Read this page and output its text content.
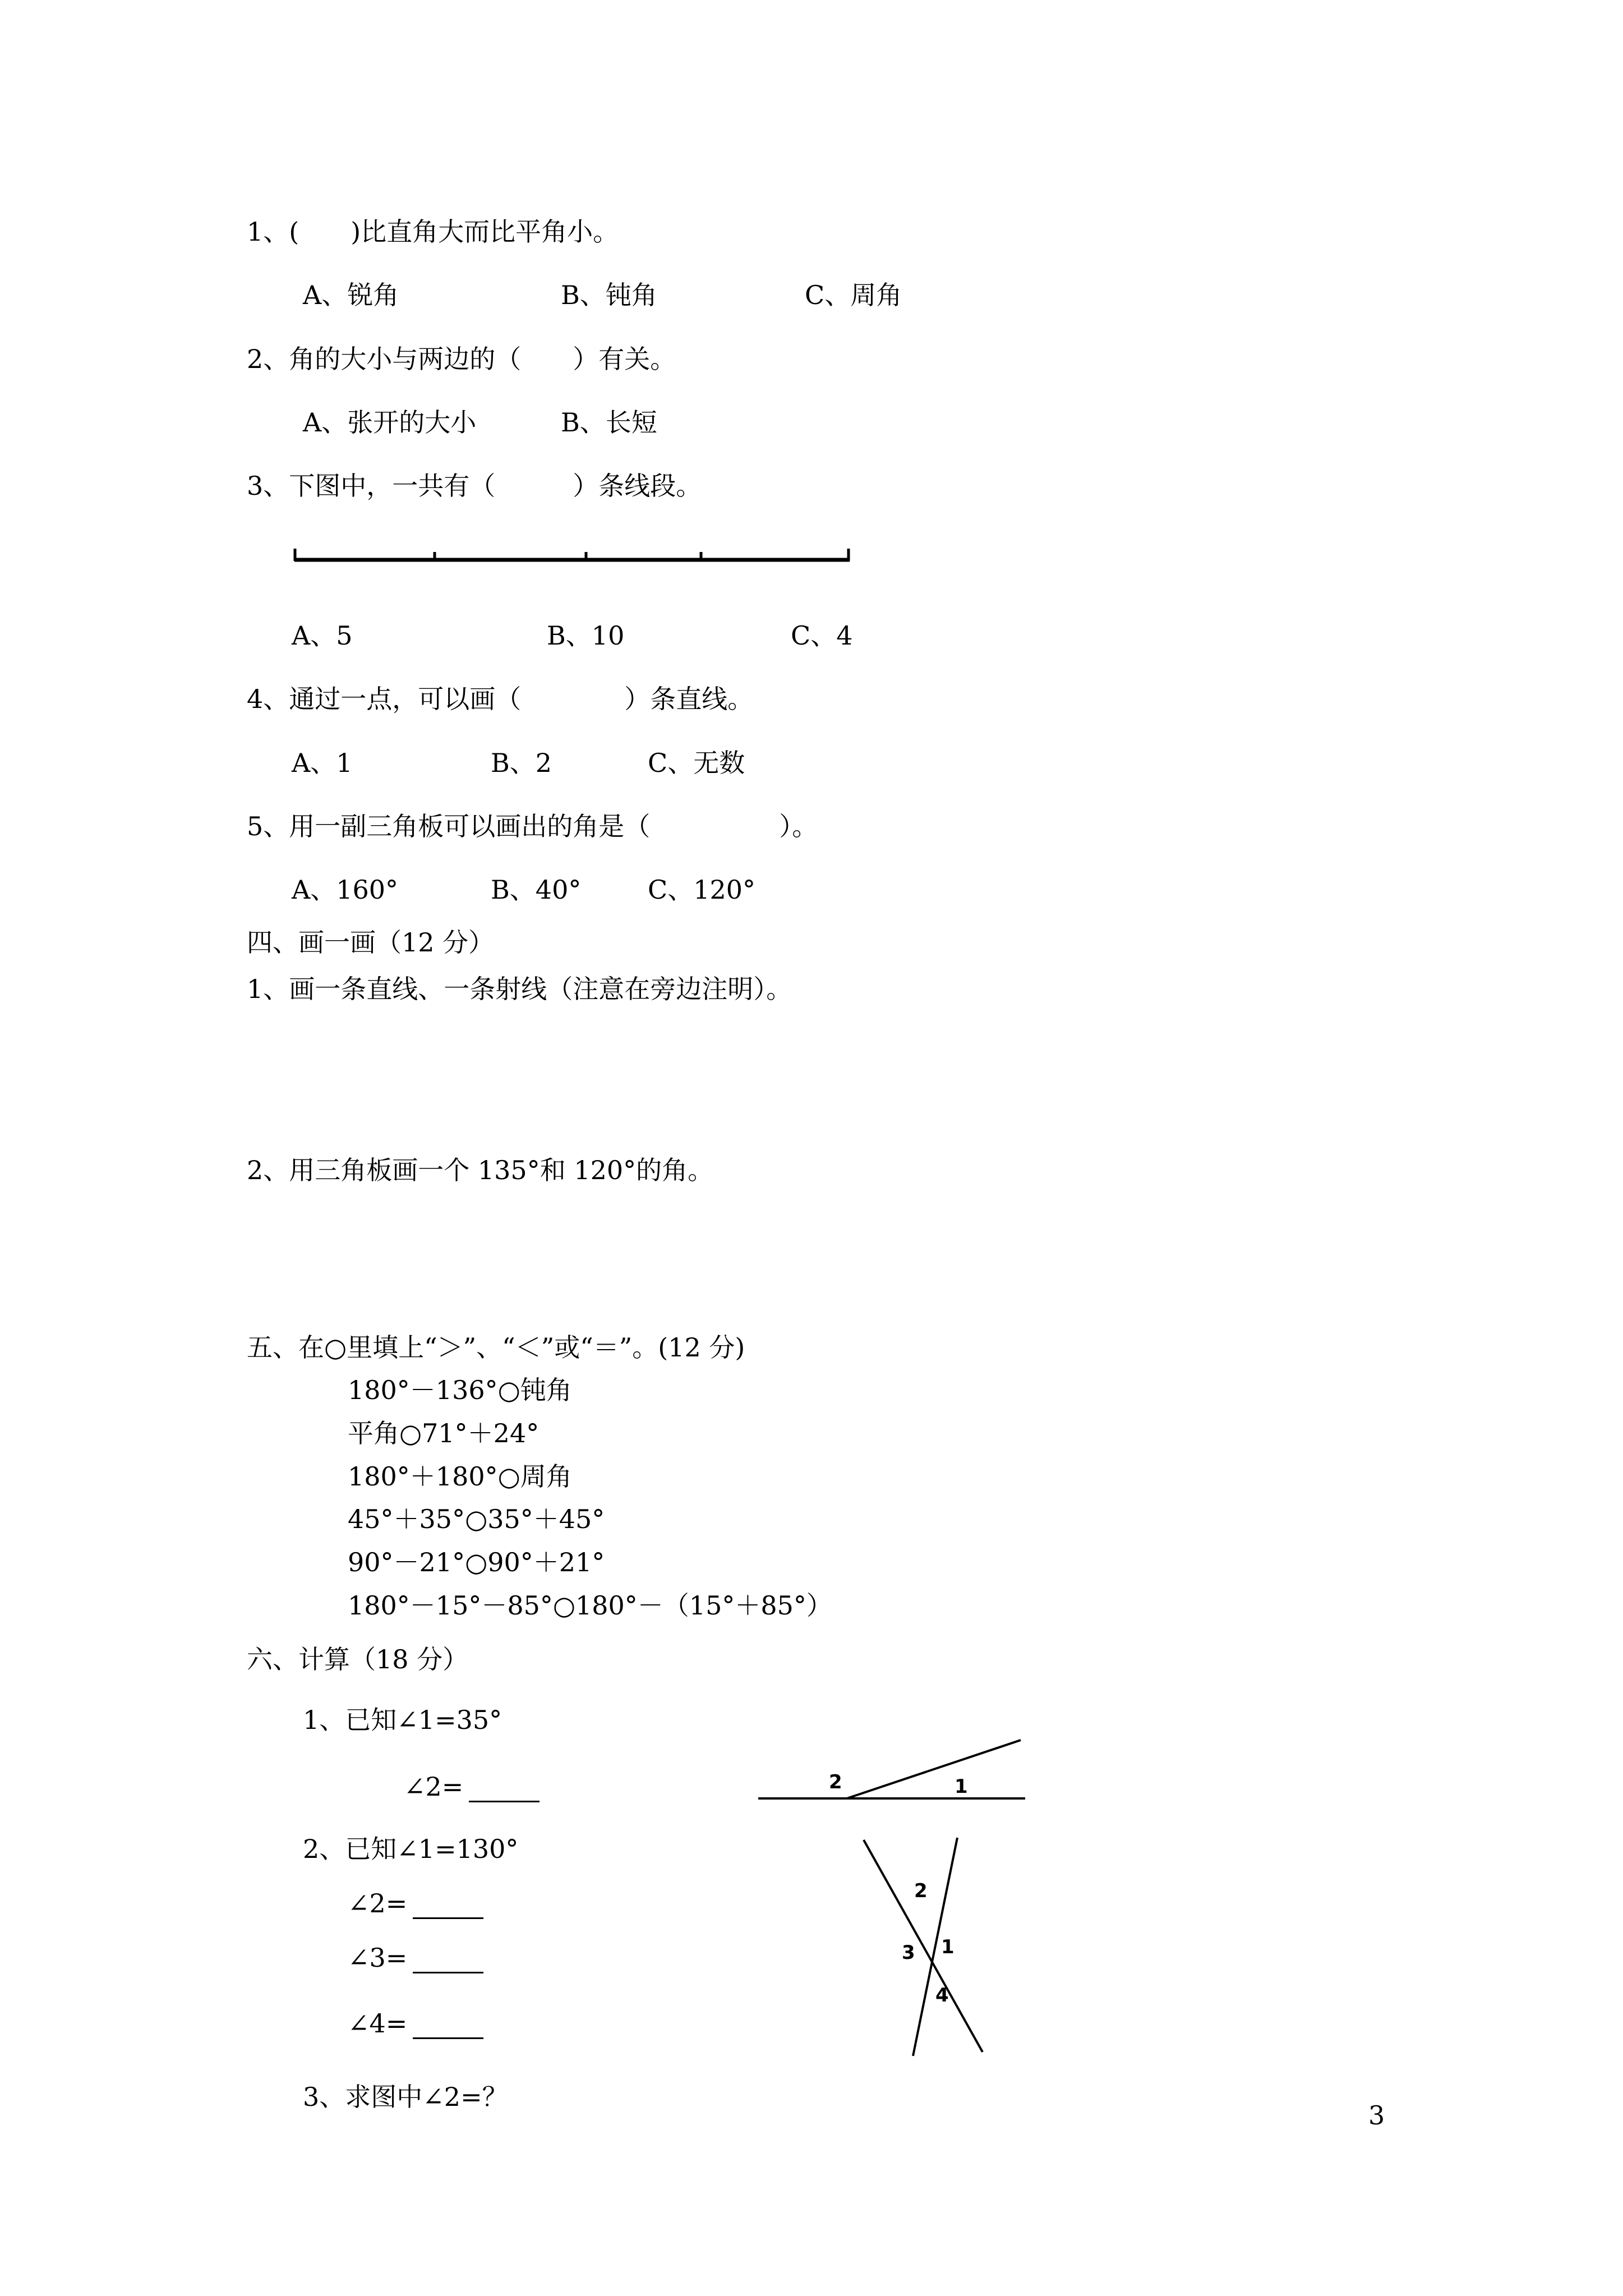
1、(　　)比直角大而比平角小。
A、锐角	B、钝角	C、周角
2、角的大小与两边的（　　）有关。
A、张开的大小	B、长短
3、下图中，一共有（　　　）条线段。
A、5	B、10	C、4
4、通过一点，可以画（　　　　）条直线。
A、1	B、2	C、无数
5、用一副三角板可以画出的角是（　　　　　）。
A、160°	B、40°	C、120°
四、画一画（12 分）
1、画一条直线、一条射线（注意在旁边注明）。
2、用三角板画一个 135°和 120°的角。
五、在○里填上“＞”、“＜”或“＝”。(12 分)
180°－136°○钝角
平角○71°＋24°
180°＋180°○周角
45°＋35°○35°＋45°
90°－21°○90°＋21°
180°－15°－85°○180°－（15°＋85°）
六、计算（18 分）
1、已知∠1=35°
∠2=	2	1
2、已知∠1=130°
∠2=
∠3=
∠4=
2
1
3
4
3、求图中∠2=？
3
